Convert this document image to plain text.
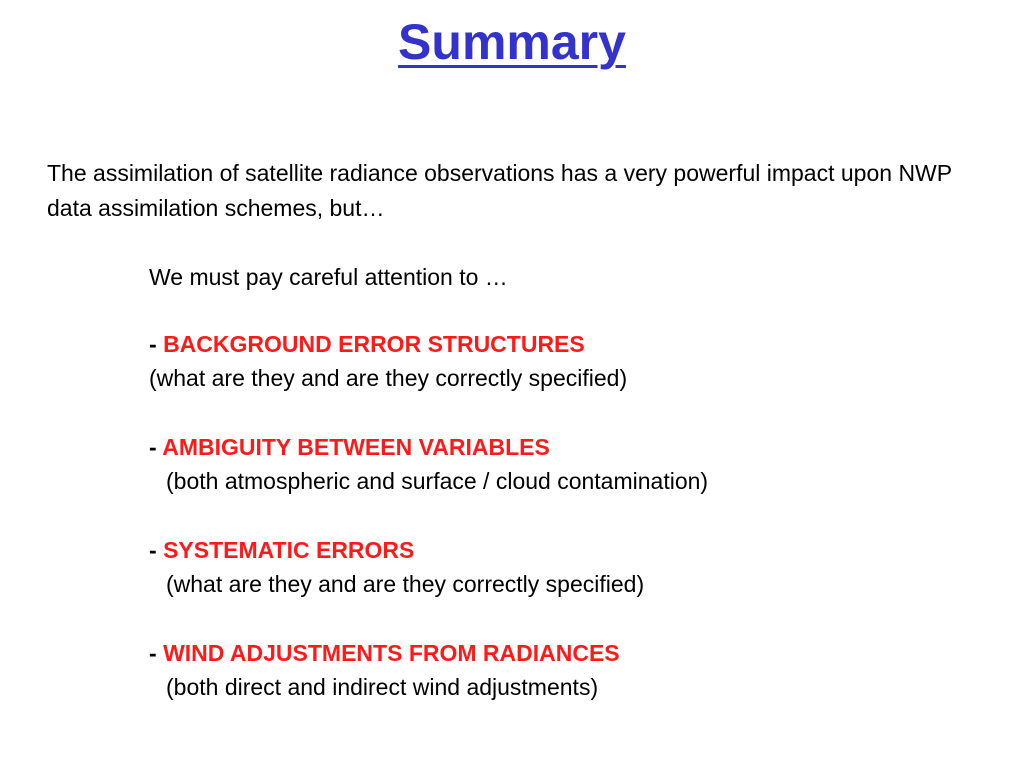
Summary
The assimilation of satellite radiance observations has a very powerful impact upon NWP data assimilation schemes, but…
We must pay careful attention to …
- BACKGROUND ERROR STRUCTURES
(what are they and are they correctly specified)
- AMBIGUITY BETWEEN VARIABLES
(both atmospheric and surface / cloud contamination)
- SYSTEMATIC ERRORS
(what are they and are they correctly specified)
- WIND ADJUSTMENTS FROM RADIANCES
(both direct and indirect wind adjustments)
